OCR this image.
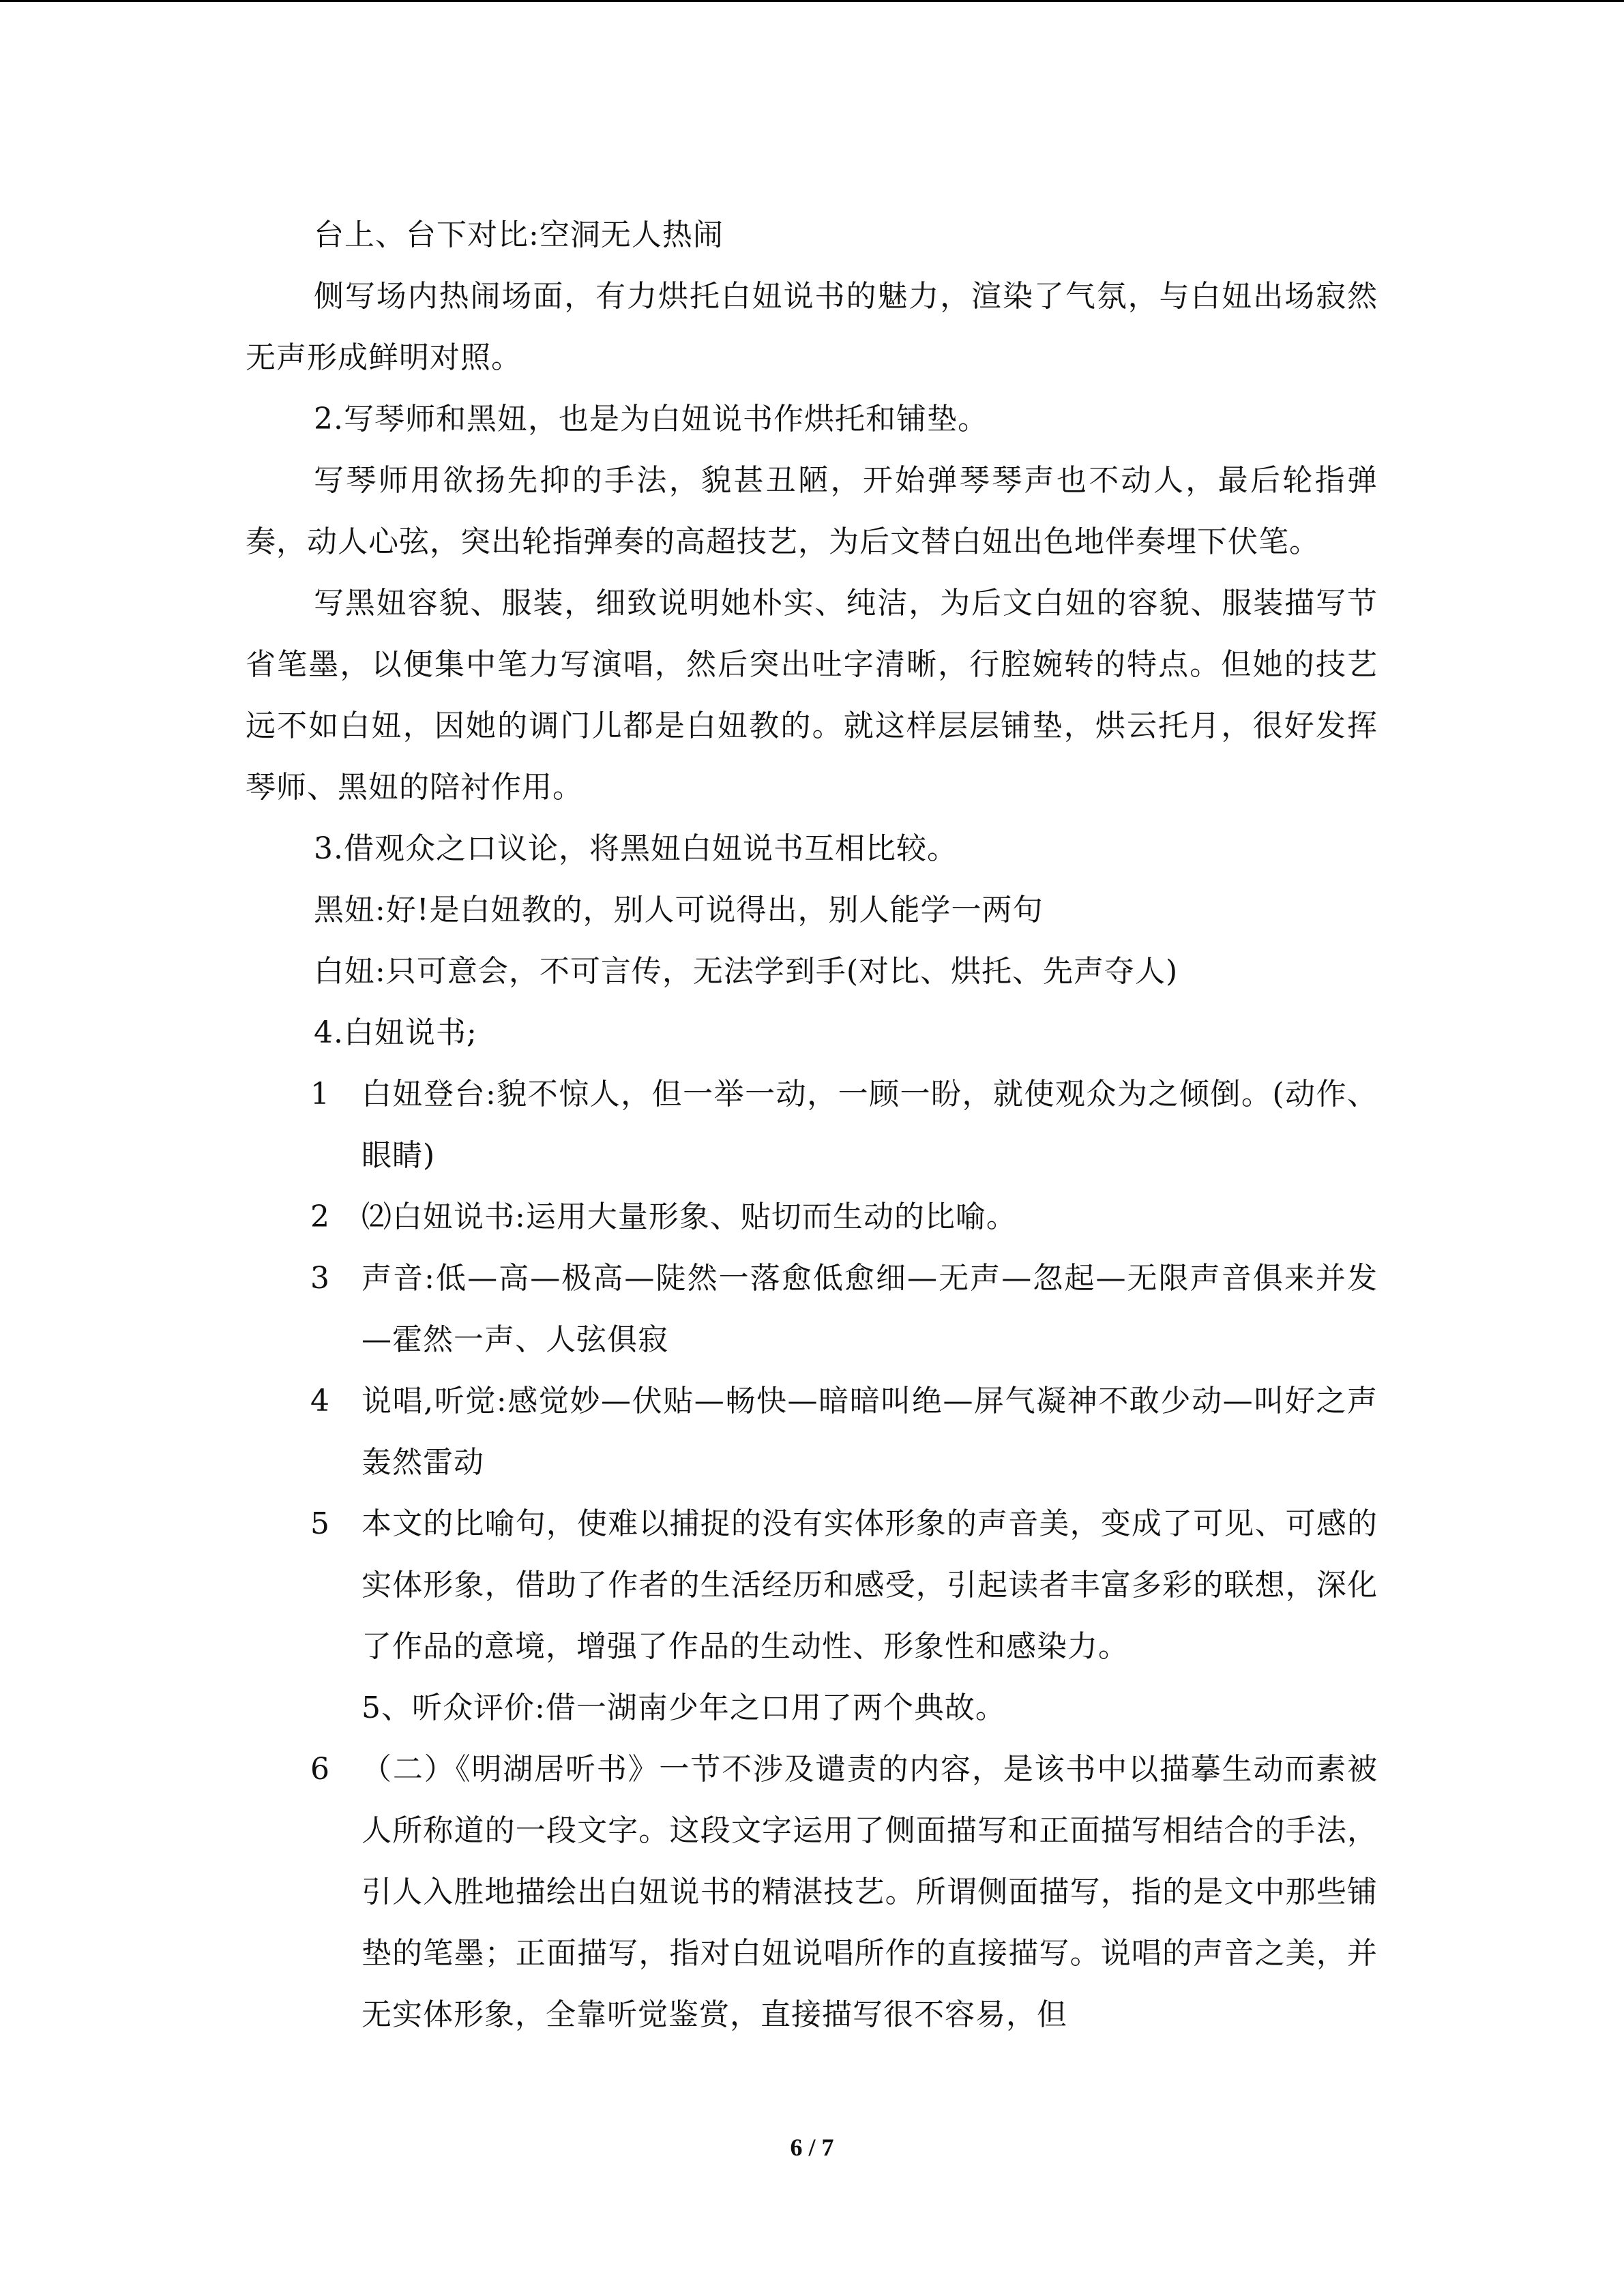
台上、台下对比:空洞无人热闹

侧写场内热闹场面，有力烘托白妞说书的魅力，渲染了气氛，与白妞出场寂然无声形成鲜明对照。

2.写琴师和黑妞，也是为白妞说书作烘托和铺垫。

写琴师用欲扬先抑的手法，貌甚丑陋，开始弹琴琴声也不动人，最后轮指弹奏，动人心弦，突出轮指弹奏的高超技艺，为后文替白妞出色地伴奏埋下伏笔。

写黑妞容貌、服装，细致说明她朴实、纯洁，为后文白妞的容貌、服装描写节省笔墨，以便集中笔力写演唱，然后突出吐字清晰，行腔婉转的特点。但她的技艺远不如白妞，因她的调门儿都是白妞教的。就这样层层铺垫，烘云托月，很好发挥琴师、黑妞的陪衬作用。

3.借观众之口议论，将黑妞白妞说书互相比较。

黑妞:好!是白妞教的，别人可说得出，别人能学一两句

白妞:只可意会，不可言传，无法学到手(对比、烘托、先声夺人)

4.白妞说书;

1	白妞登台:貌不惊人，但一举一动，一顾一盼，就使观众为之倾倒。(动作、眼睛)
2	⑵白妞说书:运用大量形象、贴切而生动的比喻。
3	声音:低—高—极高—陡然一落愈低愈细—无声—忽起—无限声音俱来并发—霍然一声、人弦俱寂
4	说唱,听觉:感觉妙—伏贴—畅快—暗暗叫绝—屏气凝神不敢少动—叫好之声轰然雷动
5	本文的比喻句，使难以捕捉的没有实体形象的声音美，变成了可见、可感的实体形象，借助了作者的生活经历和感受，引起读者丰富多彩的联想，深化了作品的意境，增强了作品的生动性、形象性和感染力。

5、听众评价:借一湖南少年之口用了两个典故。

6	（二）《明湖居听书》一节不涉及谴责的内容，是该书中以描摹生动而素被人所称道的一段文字。这段文字运用了侧面描写和正面描写相结合的手法，引人入胜地描绘出白妞说书的精湛技艺。所谓侧面描写，指的是文中那些铺垫的笔墨；正面描写，指对白妞说唱所作的直接描写。说唱的声音之美，并无实体形象，全靠听觉鉴赏，直接描写很不容易，但
6 / 7
